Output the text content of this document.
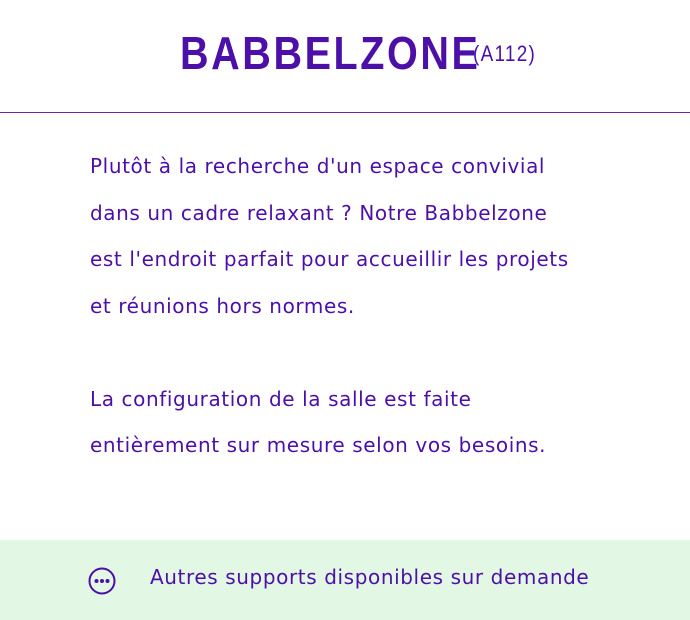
BABBELZONE
(A112)

Plutôt à la recherche d'un espace convivial

dans un cadre relaxant ? Notre Babbelzone

est l'endroit parfait pour accueillir les projets

et réunions hors normes.

La configuration de la salle est faite

entièrement sur mesure selon vos besoins.

Autres supports disponibles sur demande
